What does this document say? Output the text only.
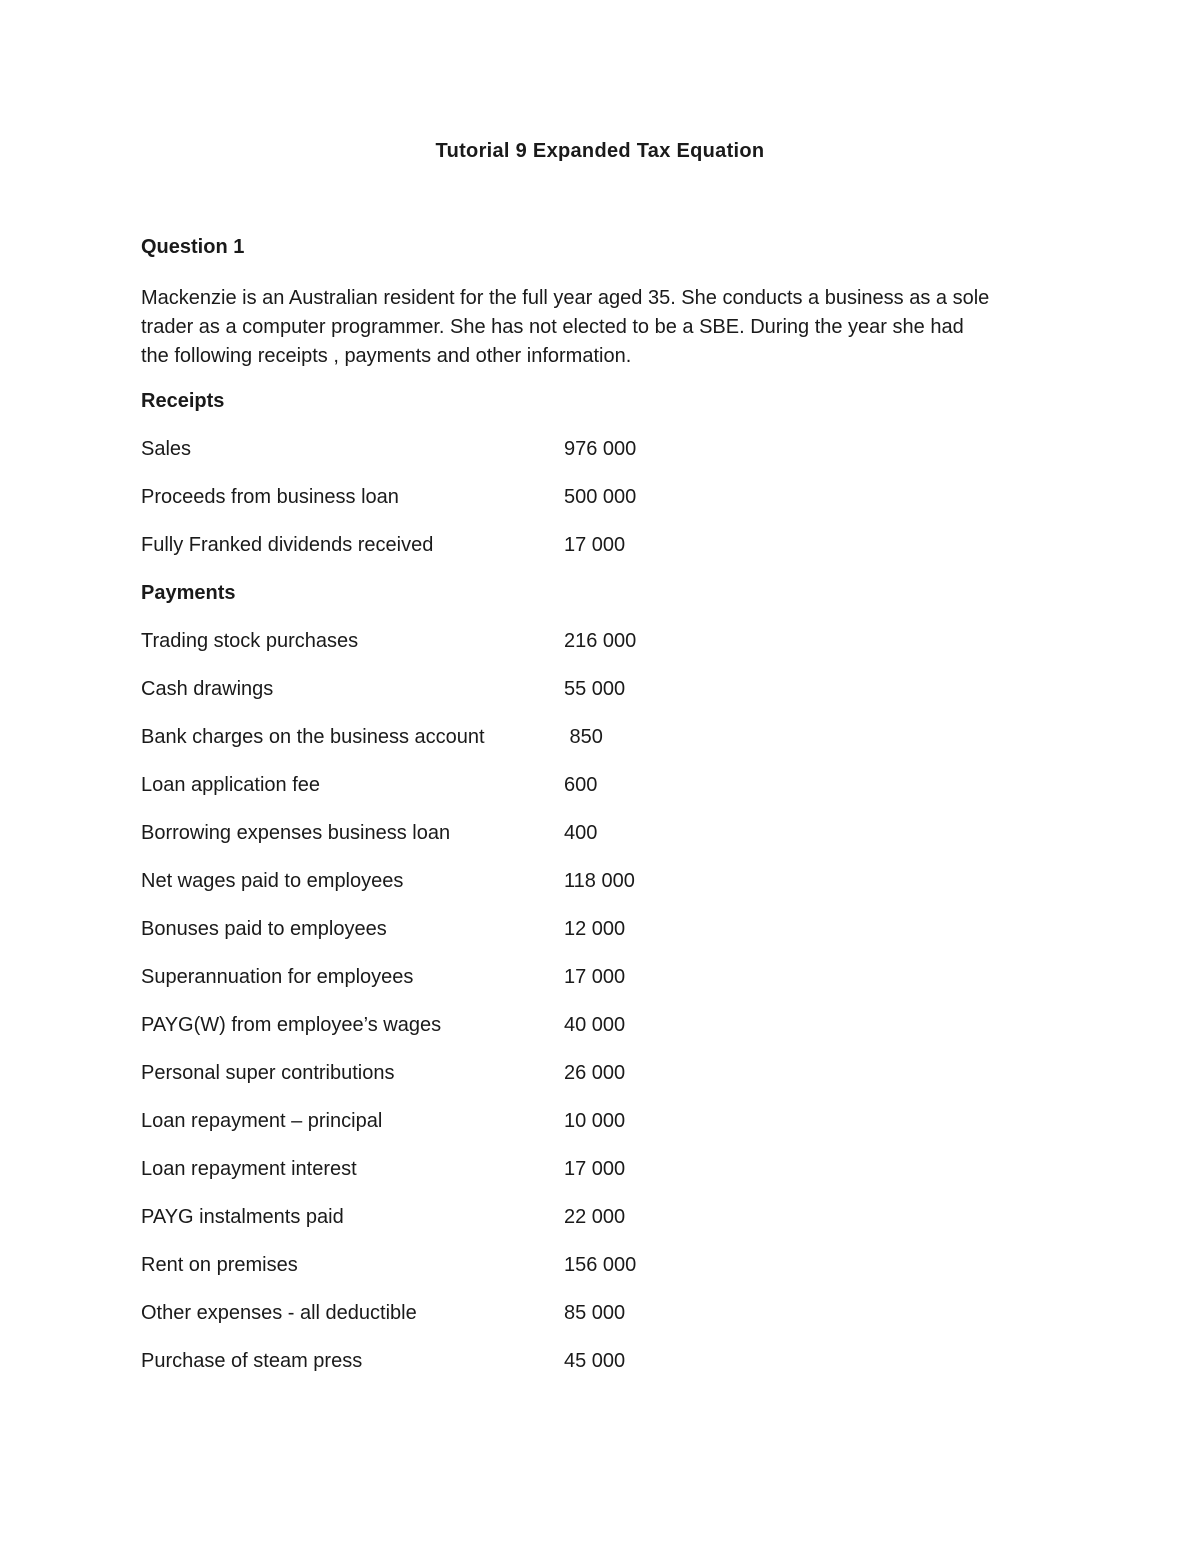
Tutorial 9 Expanded Tax Equation
Question 1
Mackenzie is an Australian resident for the full year aged 35. She conducts a business as a sole
trader as a computer programmer. She has not elected to be a SBE. During the year she had
the following receipts , payments and other information.
Receipts
Sales	976 000
Proceeds from business loan	500 000
Fully Franked dividends received	17 000
Payments
Trading stock purchases	216 000
Cash drawings	55 000
Bank charges on the business account	850
Loan application fee	600
Borrowing expenses business loan	400
Net wages paid to employees	118 000
Bonuses paid to employees	12 000
Superannuation for employees	17 000
PAYG(W) from employee’s wages	40 000
Personal super contributions	26 000
Loan repayment – principal	10 000
Loan repayment interest	17 000
PAYG instalments paid	22 000
Rent on premises	156 000
Other expenses - all deductible	85 000
Purchase of steam press	45 000
